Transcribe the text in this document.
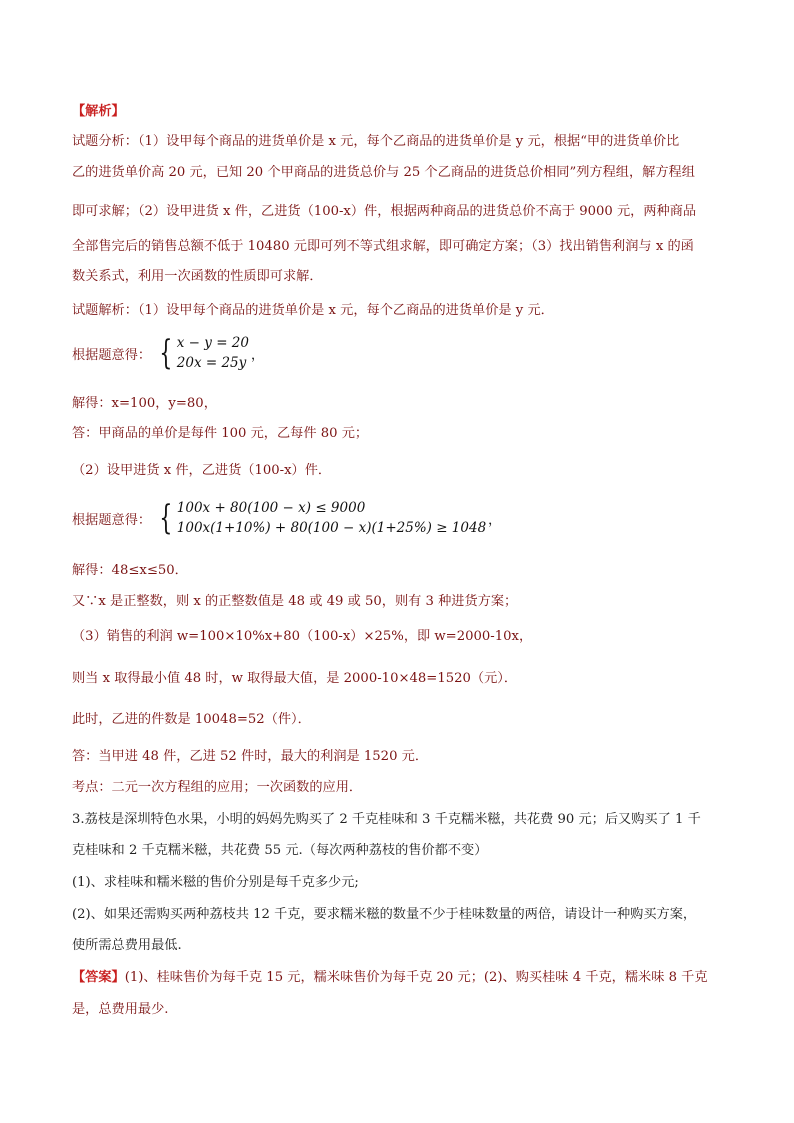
【解析】
试题分析：（1）设甲每个商品的进货单价是 x 元，每个乙商品的进货单价是 y 元，根据“甲的进货单价比
乙的进货单价高 20 元，已知 20 个甲商品的进货总价与 25 个乙商品的进货总价相同”列方程组，解方程组
即可求解；（2）设甲进货 x 件，乙进货（100-x）件，根据两种商品的进货总价不高于 9000 元，两种商品
全部售完后的销售总额不低于 10480 元即可列不等式组求解，即可确定方案；（3）找出销售利润与 x 的函
数关系式，利用一次函数的性质即可求解．
试题解析：（1）设甲每个商品的进货单价是 x 元，每个乙商品的进货单价是 y 元．
根据题意得： { x − y = 20
20x = 25y ，
解得：x=100，y=80，
答：甲商品的单价是每件 100 元，乙每件 80 元；
（2）设甲进货 x 件，乙进货（100-x）件．
根据题意得： { 100x + 80(100 − x) ≤ 9000
100x(1+10%) + 80(100 − x)(1+25%) ≥ 1048 ，
解得：48≤x≤50．
又∵x 是正整数，则 x 的正整数值是 48 或 49 或 50，则有 3 种进货方案；
（3）销售的利润 w=100×10%x+80（100-x）×25%，即 w=2000-10x，
则当 x 取得最小值 48 时，w 取得最大值，是 2000-10×48=1520（元）．
此时，乙进的件数是 10048=52（件）．
答：当甲进 48 件，乙进 52 件时，最大的利润是 1520 元．
考点：二元一次方程组的应用；一次函数的应用．
3.荔枝是深圳特色水果，小明的妈妈先购买了 2 千克桂味和 3 千克糯米糍，共花费 90 元；后又购买了 1 千
克桂味和 2 千克糯米糍，共花费 55 元.（每次两种荔枝的售价都不变）
(1)、求桂味和糯米糍的售价分别是每千克多少元;
(2)、如果还需购买两种荔枝共 12 千克，要求糯米糍的数量不少于桂味数量的两倍，请设计一种购买方案，
使所需总费用最低.
【答案】(1)、桂味售价为每千克 15 元，糯米味售价为每千克 20 元；(2)、购买桂味 4 千克，糯米味 8 千克
是，总费用最少.
